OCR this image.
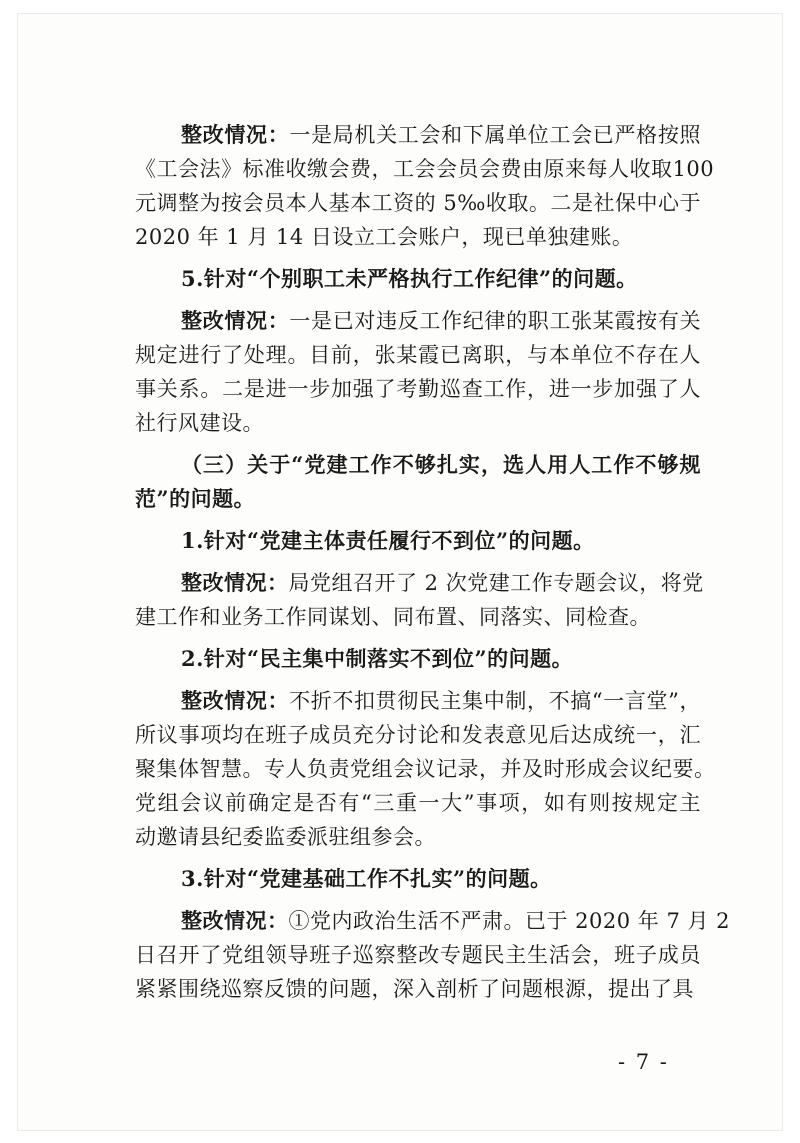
整改情况：一是局机关工会和下属单位工会已严格按照
《工会法》标准收缴会费，工会会员会费由原来每人收取100
元调整为按会员本人基本工资的 5‰收取。二是社保中心于
2020 年 1 月 14 日设立工会账户，现已单独建账。
5.针对“个别职工未严格执行工作纪律”的问题。
整改情况：一是已对违反工作纪律的职工张某霞按有关
规定进行了处理。目前，张某霞已离职，与本单位不存在人
事关系。二是进一步加强了考勤巡查工作，进一步加强了人
社行风建设。
（三）关于“党建工作不够扎实，选人用人工作不够规
范”的问题。
1.针对“党建主体责任履行不到位”的问题。
整改情况：局党组召开了 2 次党建工作专题会议，将党
建工作和业务工作同谋划、同布置、同落实、同检查。
2.针对“民主集中制落实不到位”的问题。
整改情况：不折不扣贯彻民主集中制，不搞“一言堂”，
所议事项均在班子成员充分讨论和发表意见后达成统一，汇
聚集体智慧。专人负责党组会议记录，并及时形成会议纪要。
党组会议前确定是否有“三重一大”事项，如有则按规定主
动邀请县纪委监委派驻组参会。
3.针对“党建基础工作不扎实”的问题。
整改情况：①党内政治生活不严肃。已于 2020 年 7 月 2
日召开了党组领导班子巡察整改专题民主生活会，班子成员
紧紧围绕巡察反馈的问题，深入剖析了问题根源，提出了具
- 7 -
